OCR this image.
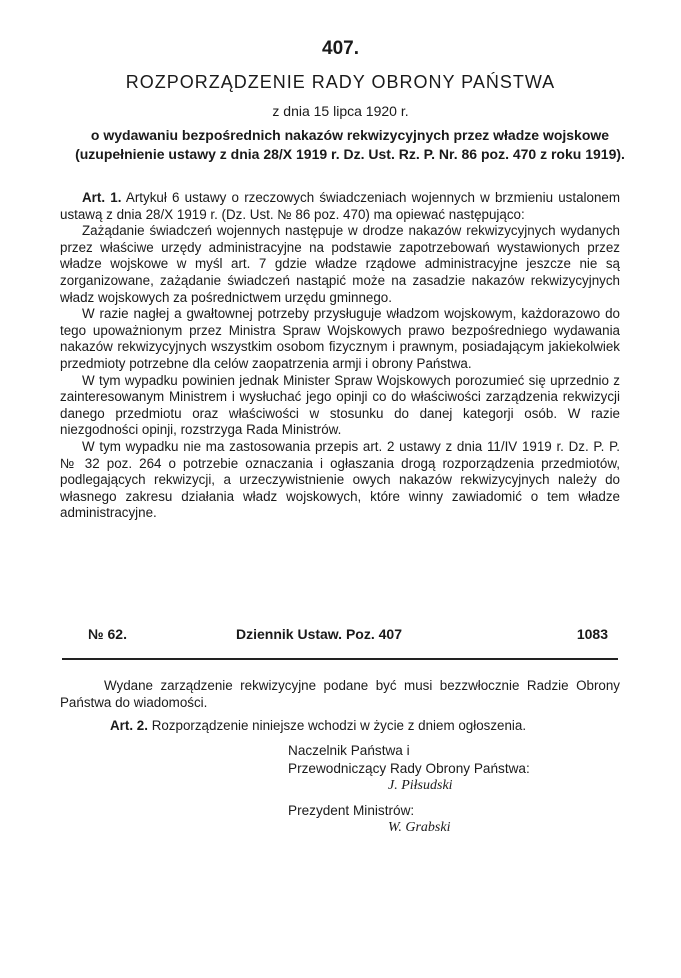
407.
ROZPORZĄDZENIE RADY OBRONY PAŃSTWA
z dnia 15 lipca 1920 r.
o wydawaniu bezpośrednich nakazów rekwizycyjnych przez władze wojskowe (uzupełnienie ustawy z dnia 28/X 1919 r. Dz. Ust. Rz. P. Nr. 86 poz. 470 z roku 1919).

Art. 1. Artykuł 6 ustawy o rzeczowych świadczeniach wojennych w brzmieniu ustalonem ustawą z dnia 28/X 1919 r. (Dz. Ust. № 86 poz. 470) ma opiewać następująco:

Zażądanie świadczeń wojennych następuje w drodze nakazów rekwizycyjnych wydanych przez właściwe urzędy administracyjne na podstawie zapotrzebowań wystawionych przez władze wojskowe w myśl art. 7 gdzie władze rządowe administracyjne jeszcze nie są zorganizowane, zażądanie świadczeń nastąpić może na zasadzie nakazów rekwizycyjnych władz wojskowych za pośrednictwem urzędu gminnego.

W razie nagłej a gwałtownej potrzeby przysługuje władzom wojskowym, każdorazowo do tego upoważnionym przez Ministra Spraw Wojskowych prawo bezpośredniego wydawania nakazów rekwizycyjnych wszystkim osobom fizycznym i prawnym, posiadającym jakiekolwiek przedmioty potrzebne dla celów zaopatrzenia armji i obrony Państwa.

W tym wypadku powinien jednak Minister Spraw Wojskowych porozumieć się uprzednio z zainteresowanym Ministrem i wysłuchać jego opinji co do właściwości zarządzenia rekwizycji danego przedmiotu oraz właściwości w stosunku do danej kategorji osób. W razie niezgodności opinji, rozstrzyga Rada Ministrów.

W tym wypadku nie ma zastosowania przepis art. 2 ustawy z dnia 11/IV 1919 r. Dz. P. P. № 32 poz. 264 o potrzebie oznaczania i ogłaszania drogą rozporządzenia przedmiotów, podlegających rekwizycji, a urzeczywistnienie owych nakazów rekwizycyjnych należy do własnego zakresu działania władz wojskowych, które winny zawiadomić o tem władze administracyjne.

№ 62.	Dziennik Ustaw. Poz. 407	1083

Wydane zarządzenie rekwizycyjne podane być musi bezzwłocznie Radzie Obrony Państwa do wiadomości.

Art. 2. Rozporządzenie niniejsze wchodzi w życie z dniem ogłoszenia.
Naczelnik Państwa i
Przewodniczący Rady Obrony Państwa:
J. Piłsudski
Prezydent Ministrów:
W. Grabski
